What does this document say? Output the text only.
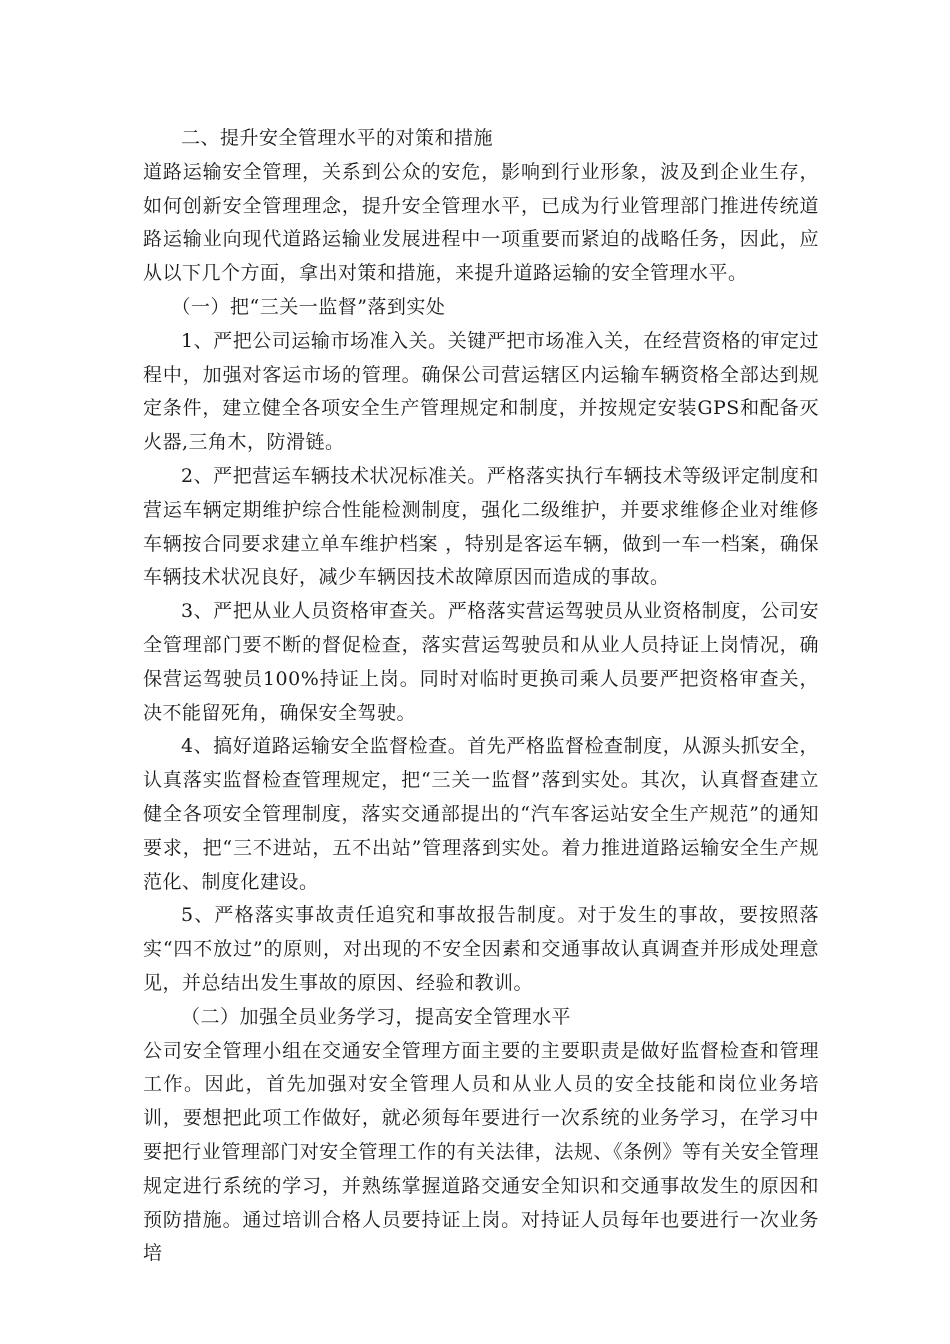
二、提升安全管理水平的对策和措施

道路运输安全管理，关系到公众的安危，影响到行业形象，波及到企业生存，如何创新安全管理理念，提升安全管理水平，已成为行业管理部门推进传统道路运输业向现代道路运输业发展进程中一项重要而紧迫的战略任务，因此，应从以下几个方面，拿出对策和措施，来提升道路运输的安全管理水平。

（一）把“三关一监督”落到实处

1、严把公司运输市场准入关。关键严把市场准入关，在经营资格的审定过程中，加强对客运市场的管理。确保公司营运辖区内运输车辆资格全部达到规定条件，建立健全各项安全生产管理规定和制度，并按规定安装GPS和配备灭火器,三角木，防滑链。

2、严把营运车辆技术状况标准关。严格落实执行车辆技术等级评定制度和营运车辆定期维护综合性能检测制度，强化二级维护，并要求维修企业对维修车辆按合同要求建立单车维护档案 ，特别是客运车辆，做到一车一档案，确保车辆技术状况良好，减少车辆因技术故障原因而造成的事故。

3、严把从业人员资格审查关。严格落实营运驾驶员从业资格制度，公司安全管理部门要不断的督促检查，落实营运驾驶员和从业人员持证上岗情况，确保营运驾驶员100%持证上岗。同时对临时更换司乘人员要严把资格审查关，决不能留死角，确保安全驾驶。

4、搞好道路运输安全监督检查。首先严格监督检查制度，从源头抓安全，认真落实监督检查管理规定，把“三关一监督”落到实处。其次，认真督查建立健全各项安全管理制度，落实交通部提出的“汽车客运站安全生产规范”的通知要求，把“三不进站，五不出站”管理落到实处。着力推进道路运输安全生产规范化、制度化建设。

5、严格落实事故责任追究和事故报告制度。对于发生的事故，要按照落实“四不放过”的原则，对出现的不安全因素和交通事故认真调查并形成处理意见，并总结出发生事故的原因、经验和教训。

（二）加强全员业务学习，提高安全管理水平

公司安全管理小组在交通安全管理方面主要的主要职责是做好监督检查和管理工作。因此，首先加强对安全管理人员和从业人员的安全技能和岗位业务培训，要想把此项工作做好，就必须每年要进行一次系统的业务学习，在学习中要把行业管理部门对安全管理工作的有关法律，法规、《条例》等有关安全管理规定进行系统的学习，并熟练掌握道路交通安全知识和交通事故发生的原因和预防措施。通过培训合格人员要持证上岗。对持证人员每年也要进行一次业务培
